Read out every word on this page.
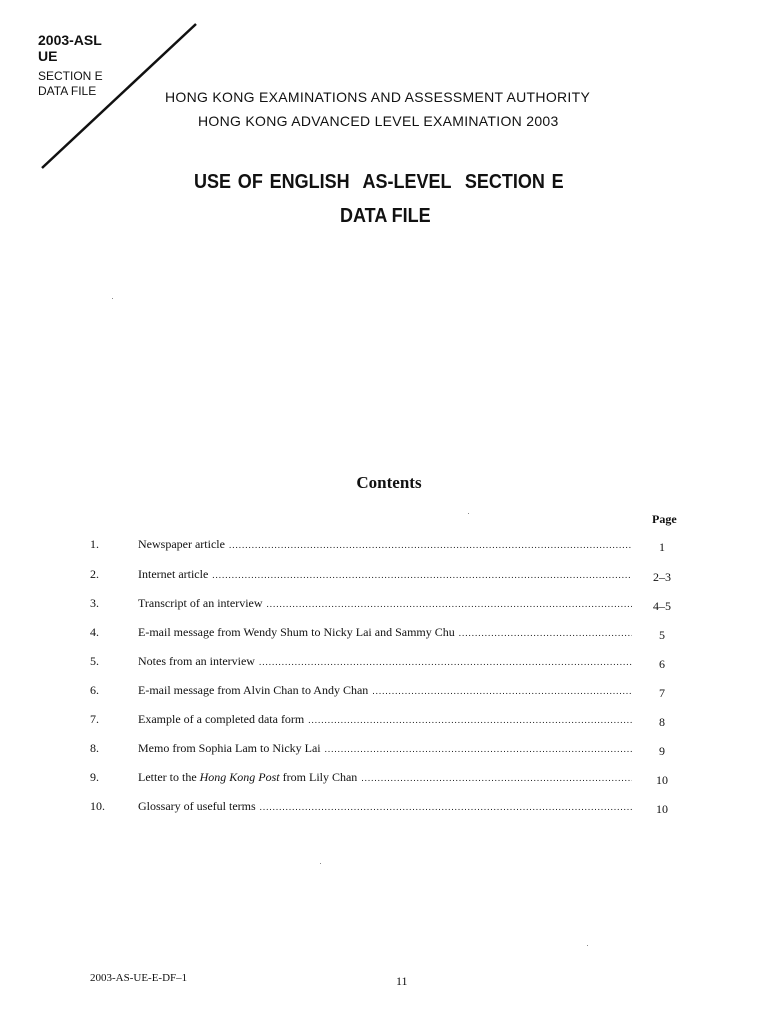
2003-ASL
UE
SECTION E
DATA FILE	HONG KONG EXAMINATIONS AND ASSESSMENT AUTHORITY
HONG KONG ADVANCED LEVEL EXAMINATION 2003
USE OF ENGLISH  AS-LEVEL  SECTION E
DATA FILE
Contents
Page
1.	Newspaper article .....	1
2.	Internet article .....	2–3
3.	Transcript of an interview .....	4–5
4.	E-mail message from Wendy Shum to Nicky Lai and Sammy Chu .....	5
5.	Notes from an interview .....	6
6.	E-mail message from Alvin Chan to Andy Chan .....	7
7.	Example of a completed data form .....	8
8.	Memo from Sophia Lam to Nicky Lai .....	9
9.	Letter to the Hong Kong Post from Lily Chan .....	10
10.	Glossary of useful terms .....	10
2003-AS-UE-E-DF–1	11
